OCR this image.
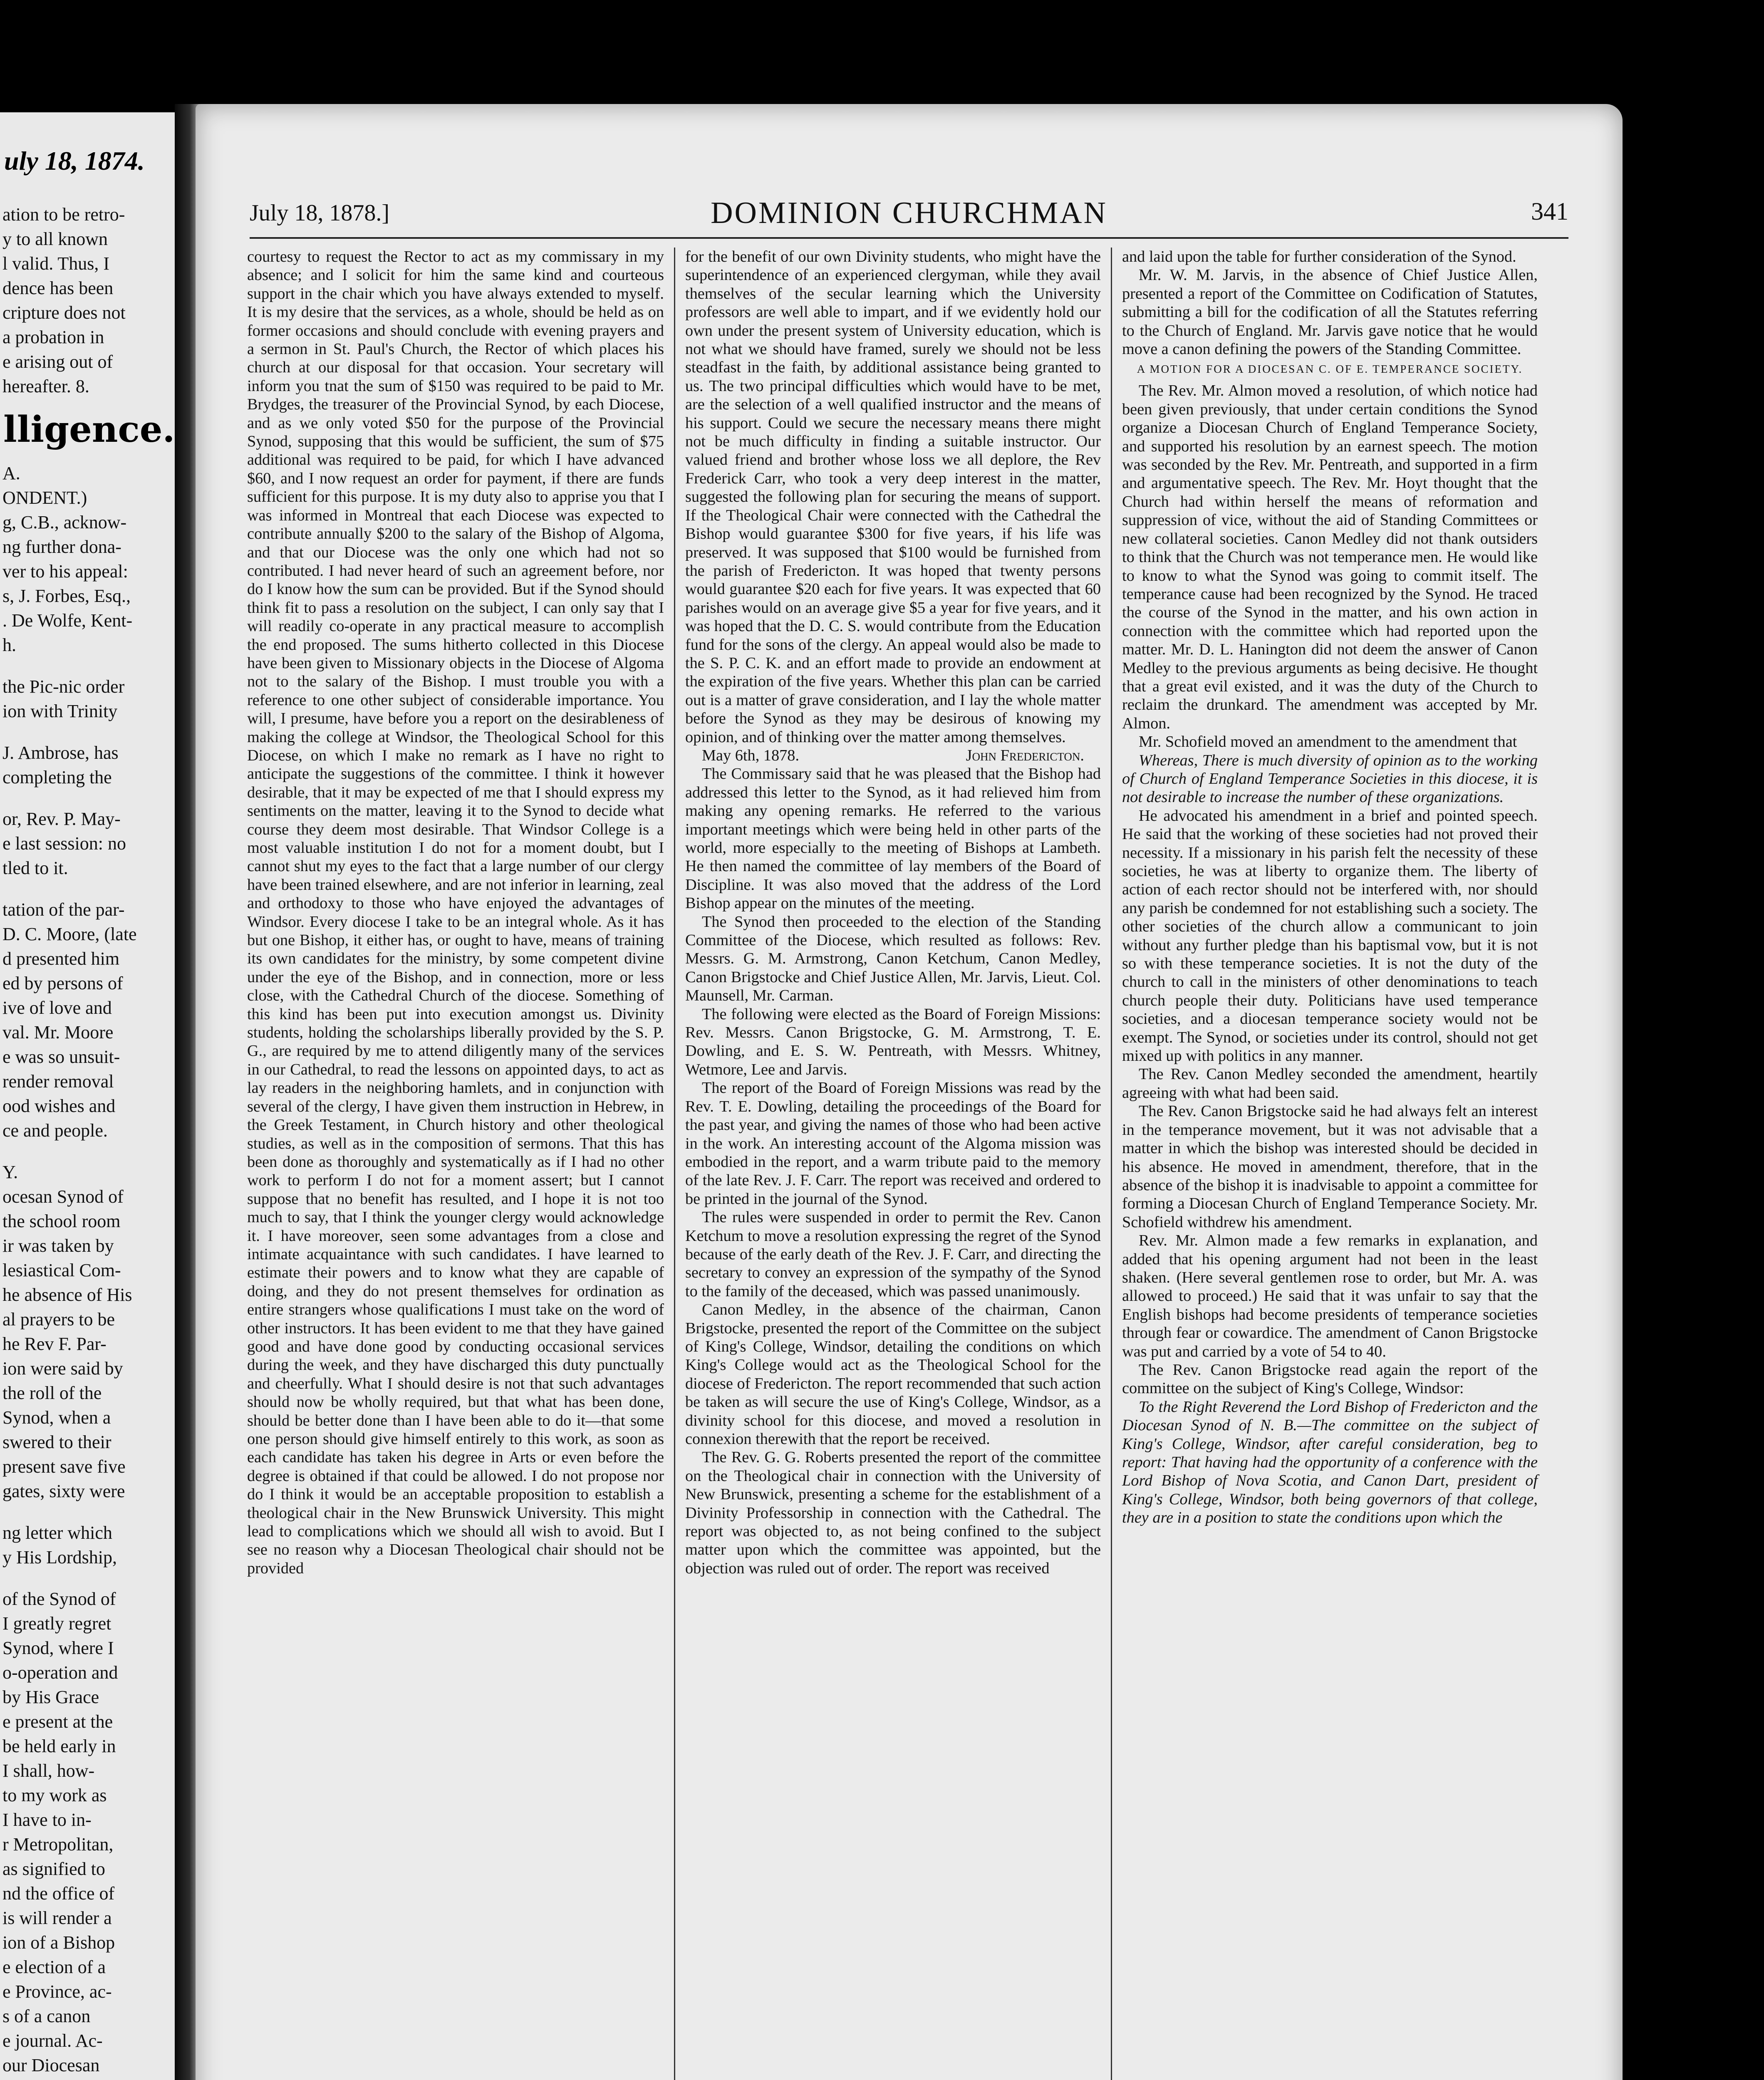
uly 18, 1874.
ation to be retro-
y to all known
l valid. Thus, I
dence has been
cripture does not
a probation in
e arising out of
hereafter. 8.
lligence.
A.
ONDENT.)
g, C.B., acknow-
ng further dona-
ver to his appeal:
s, J. Forbes, Esq.,
. De Wolfe, Kent-
h.
the Pic-nic order
ion with Trinity
J. Ambrose, has
completing the
or, Rev. P. May-
e last session: no
tled to it.
tation of the par-
D. C. Moore, (late
d presented him
ed by persons of
ive of love and
val. Mr. Moore
e was so unsuit-
render removal
ood wishes and
ce and people.
Y.
ocesan Synod of
the school room
ir was taken by
lesiastical Com-
he absence of His
al prayers to be
he Rev F. Par-
ion were said by
the roll of the
Synod, when a
swered to their
present save five
gates, sixty were
ng letter which
y His Lordship,
of the Synod of
I greatly regret
Synod, where I
o-operation and
by His Grace
e present at the
be held early in
I shall, how-
to my work as
I have to in-
r Metropolitan,
as signified to
nd the office of
is will render a
ion of a Bishop
e election of a
e Province, ac-
s of a canon
e journal. Ac-
our Diocesan
July 18, 1878.]	DOMINION CHURCHMAN	341

courtesy to request the Rector to act as my commissary in my absence; and I solicit for him the same kind and courteous support in the chair which you have always extended to myself. It is my desire that the services, as a whole, should be held as on former occasions and should conclude with evening prayers and a sermon in St. Paul's Church, the Rector of which places his church at our disposal for that occasion. Your secretary will inform you tnat the sum of $150 was required to be paid to Mr. Brydges, the treasurer of the Provincial Synod, by each Diocese, and as we only voted $50 for the purpose of the Provincial Synod, supposing that this would be sufficient, the sum of $75 additional was required to be paid, for which I have advanced $60, and I now request an order for payment, if there are funds sufficient for this purpose. It is my duty also to apprise you that I was informed in Montreal that each Diocese was expected to contribute annually $200 to the salary of the Bishop of Algoma, and that our Diocese was the only one which had not so contributed. I had never heard of such an agreement before, nor do I know how the sum can be provided. But if the Synod should think fit to pass a resolution on the subject, I can only say that I will readily co-operate in any practical measure to accomplish the end proposed. The sums hitherto collected in this Diocese have been given to Missionary objects in the Diocese of Algoma not to the salary of the Bishop. I must trouble you with a reference to one other subject of considerable importance. You will, I presume, have before you a report on the desirableness of making the college at Windsor, the Theological School for this Diocese, on which I make no remark as I have no right to anticipate the suggestions of the committee. I think it however desirable, that it may be expected of me that I should express my sentiments on the matter, leaving it to the Synod to decide what course they deem most desirable. That Windsor College is a most valuable institution I do not for a moment doubt, but I cannot shut my eyes to the fact that a large number of our clergy have been trained elsewhere, and are not inferior in learning, zeal and orthodoxy to those who have enjoyed the advantages of Windsor. Every diocese I take to be an integral whole. As it has but one Bishop, it either has, or ought to have, means of training its own candidates for the ministry, by some competent divine under the eye of the Bishop, and in connection, more or less close, with the Cathedral Church of the diocese. Something of this kind has been put into execution amongst us. Divinity students, holding the scholarships liberally provided by the S. P. G., are required by me to attend diligently many of the services in our Cathedral, to read the lessons on appointed days, to act as lay readers in the neighboring hamlets, and in conjunction with several of the clergy, I have given them instruction in Hebrew, in the Greek Testament, in Church history and other theological studies, as well as in the composition of sermons. That this has been done as thoroughly and systematically as if I had no other work to perform I do not for a moment assert; but I cannot suppose that no benefit has resulted, and I hope it is not too much to say, that I think the younger clergy would acknowledge it. I have moreover, seen some advantages from a close and intimate acquaintance with such candidates. I have learned to estimate their powers and to know what they are capable of doing, and they do not present themselves for ordination as entire strangers whose qualifications I must take on the word of other instructors. It has been evident to me that they have gained good and have done good by conducting occasional services during the week, and they have discharged this duty punctually and cheerfully. What I should desire is not that such advantages should now be wholly required, but that what has been done, should be better done than I have been able to do it—that some one person should give himself entirely to this work, as soon as each candidate has taken his degree in Arts or even before the degree is obtained if that could be allowed. I do not propose nor do I think it would be an acceptable proposition to establish a theological chair in the New Brunswick University. This might lead to complications which we should all wish to avoid. But I see no reason why a Diocesan Theological chair should not be provided

for the benefit of our own Divinity students, who might have the superintendence of an experienced clergyman, while they avail themselves of the secular learning which the University professors are well able to impart, and if we evidently hold our own under the present system of University education, which is not what we should have framed, surely we should not be less steadfast in the faith, by additional assistance being granted to us. The two principal difficulties which would have to be met, are the selection of a well qualified instructor and the means of his support. Could we secure the necessary means there might not be much difficulty in finding a suitable instructor. Our valued friend and brother whose loss we all deplore, the Rev Frederick Carr, who took a very deep interest in the matter, suggested the following plan for securing the means of support. If the Theological Chair were connected with the Cathedral the Bishop would guarantee $300 for five years, if his life was preserved. It was supposed that $100 would be furnished from the parish of Fredericton. It was hoped that twenty persons would guarantee $20 each for five years. It was expected that 60 parishes would on an average give $5 a year for five years, and it was hoped that the D. C. S. would contribute from the Education fund for the sons of the clergy. An appeal would also be made to the S. P. C. K. and an effort made to provide an endowment at the expiration of the five years. Whether this plan can be carried out is a matter of grave consideration, and I lay the whole matter before the Synod as they may be desirous of knowing my opinion, and of thinking over the matter among themselves.

May 6th, 1878.	John Fredericton.

The Commissary said that he was pleased that the Bishop had addressed this letter to the Synod, as it had relieved him from making any opening remarks. He referred to the various important meetings which were being held in other parts of the world, more especially to the meeting of Bishops at Lambeth. He then named the committee of lay members of the Board of Discipline. It was also moved that the address of the Lord Bishop appear on the minutes of the meeting.

The Synod then proceeded to the election of the Standing Committee of the Diocese, which resulted as follows: Rev. Messrs. G. M. Armstrong, Canon Ketchum, Canon Medley, Canon Brigstocke and Chief Justice Allen, Mr. Jarvis, Lieut. Col. Maunsell, Mr. Carman.

The following were elected as the Board of Foreign Missions: Rev. Messrs. Canon Brigstocke, G. M. Armstrong, T. E. Dowling, and E. S. W. Pentreath, with Messrs. Whitney, Wetmore, Lee and Jarvis.

The report of the Board of Foreign Missions was read by the Rev. T. E. Dowling, detailing the proceedings of the Board for the past year, and giving the names of those who had been active in the work. An interesting account of the Algoma mission was embodied in the report, and a warm tribute paid to the memory of the late Rev. J. F. Carr. The report was received and ordered to be printed in the journal of the Synod.

The rules were suspended in order to permit the Rev. Canon Ketchum to move a resolution expressing the regret of the Synod because of the early death of the Rev. J. F. Carr, and directing the secretary to convey an expression of the sympathy of the Synod to the family of the deceased, which was passed unanimously.

Canon Medley, in the absence of the chairman, Canon Brigstocke, presented the report of the Committee on the subject of King's College, Windsor, detailing the conditions on which King's College would act as the Theological School for the diocese of Fredericton. The report recommended that such action be taken as will secure the use of King's College, Windsor, as a divinity school for this diocese, and moved a resolution in connexion therewith that the report be received.

The Rev. G. G. Roberts presented the report of the committee on the Theological chair in connection with the University of New Brunswick, presenting a scheme for the establishment of a Divinity Professorship in connection with the Cathedral. The report was objected to, as not being confined to the subject matter upon which the committee was appointed, but the objection was ruled out of order. The report was received

and laid upon the table for further consideration of the Synod.

Mr. W. M. Jarvis, in the absence of Chief Justice Allen, presented a report of the Committee on Codification of Statutes, submitting a bill for the codification of all the Statutes referring to the Church of England. Mr. Jarvis gave notice that he would move a canon defining the powers of the Standing Committee.

A MOTION FOR A DIOCESAN C. OF E. TEMPERANCE SOCIETY.

The Rev. Mr. Almon moved a resolution, of which notice had been given previously, that under certain conditions the Synod organize a Diocesan Church of England Temperance Society, and supported his resolution by an earnest speech. The motion was seconded by the Rev. Mr. Pentreath, and supported in a firm and argumentative speech. The Rev. Mr. Hoyt thought that the Church had within herself the means of reformation and suppression of vice, without the aid of Standing Committees or new collateral societies. Canon Medley did not thank outsiders to think that the Church was not temperance men. He would like to know to what the Synod was going to commit itself. The temperance cause had been recognized by the Synod. He traced the course of the Synod in the matter, and his own action in connection with the committee which had reported upon the matter. Mr. D. L. Hanington did not deem the answer of Canon Medley to the previous arguments as being decisive. He thought that a great evil existed, and it was the duty of the Church to reclaim the drunkard. The amendment was accepted by Mr. Almon.

Mr. Schofield moved an amendment to the amendment that

Whereas, There is much diversity of opinion as to the working of Church of England Temperance Societies in this diocese, it is not desirable to increase the number of these organizations.

He advocated his amendment in a brief and pointed speech. He said that the working of these societies had not proved their necessity. If a missionary in his parish felt the necessity of these societies, he was at liberty to organize them. The liberty of action of each rector should not be interfered with, nor should any parish be condemned for not establishing such a society. The other societies of the church allow a communicant to join without any further pledge than his baptismal vow, but it is not so with these temperance societies. It is not the duty of the church to call in the ministers of other denominations to teach church people their duty. Politicians have used temperance societies, and a diocesan temperance society would not be exempt. The Synod, or societies under its control, should not get mixed up with politics in any manner.

The Rev. Canon Medley seconded the amendment, heartily agreeing with what had been said.

The Rev. Canon Brigstocke said he had always felt an interest in the temperance movement, but it was not advisable that a matter in which the bishop was interested should be decided in his absence. He moved in amendment, therefore, that in the absence of the bishop it is inadvisable to appoint a committee for forming a Diocesan Church of England Temperance Society. Mr. Schofield withdrew his amendment.

Rev. Mr. Almon made a few remarks in explanation, and added that his opening argument had not been in the least shaken. (Here several gentlemen rose to order, but Mr. A. was allowed to proceed.) He said that it was unfair to say that the English bishops had become presidents of temperance societies through fear or cowardice. The amendment of Canon Brigstocke was put and carried by a vote of 54 to 40.

The Rev. Canon Brigstocke read again the report of the committee on the subject of King's College, Windsor:

To the Right Reverend the Lord Bishop of Fredericton and the Diocesan Synod of N. B.—The committee on the subject of King's College, Windsor, after careful consideration, beg to report: That having had the opportunity of a conference with the Lord Bishop of Nova Scotia, and Canon Dart, president of King's College, Windsor, both being governors of that college, they are in a position to state the conditions upon which the
